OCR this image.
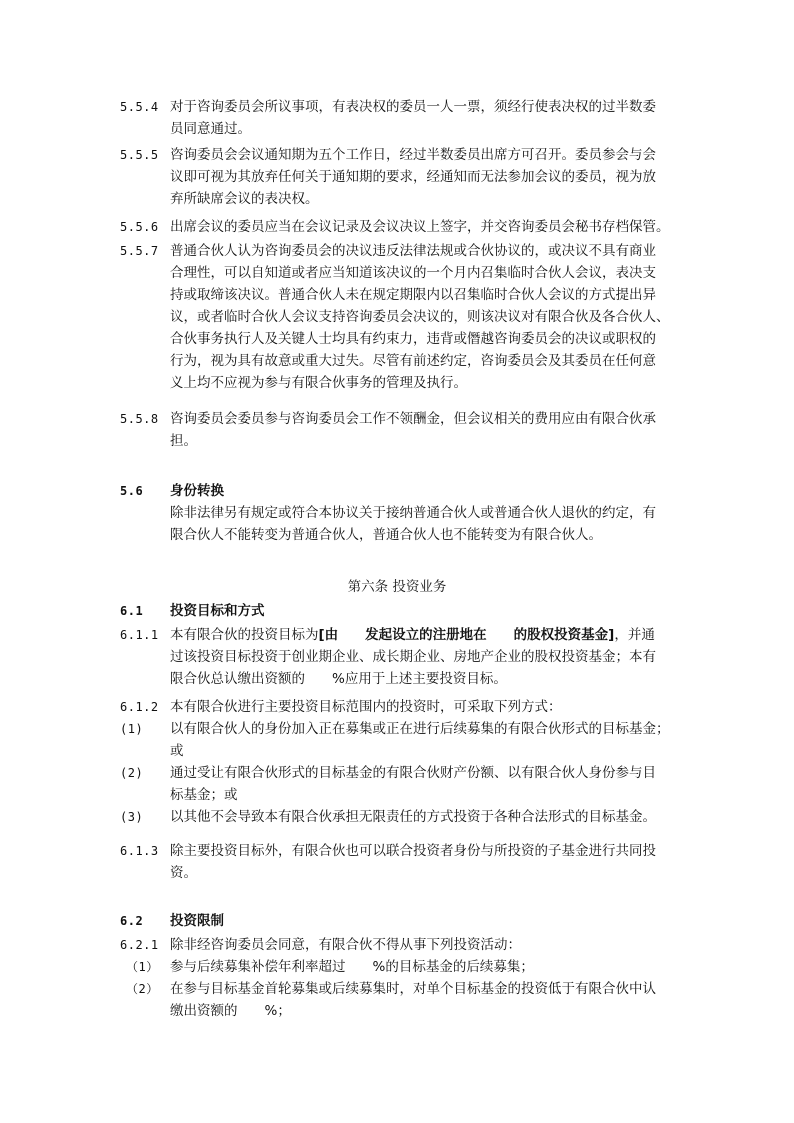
5.5.4 对于咨询委员会所议事项，有表决权的委员一人一票，须经行使表决权的过半数委
员同意通过。
5.5.5 咨询委员会会议通知期为五个工作日，经过半数委员出席方可召开。委员参会与会
议即可视为其放弃任何关于通知期的要求，经通知而无法参加会议的委员，视为放
弃所缺席会议的表决权。
5.5.6 出席会议的委员应当在会议记录及会议决议上签字，并交咨询委员会秘书存档保管。
5.5.7 普通合伙人认为咨询委员会的决议违反法律法规或合伙协议的，或决议不具有商业
合理性，可以自知道或者应当知道该决议的一个月内召集临时合伙人会议，表决支
持或取缔该决议。普通合伙人未在规定期限内以召集临时合伙人会议的方式提出异
议，或者临时合伙人会议支持咨询委员会决议的，则该决议对有限合伙及各合伙人、
合伙事务执行人及关键人士均具有约束力，违背或僭越咨询委员会的决议或职权的
行为，视为具有故意或重大过失。尽管有前述约定，咨询委员会及其委员在任何意
义上均不应视为参与有限合伙事务的管理及执行。
5.5.8 咨询委员会委员参与咨询委员会工作不领酬金，但会议相关的费用应由有限合伙承
担。
5.6 身份转换
除非法律另有规定或符合本协议关于接纳普通合伙人或普通合伙人退伙的约定，有
限合伙人不能转变为普通合伙人，普通合伙人也不能转变为有限合伙人。
第六条 投资业务
6.1 投资目标和方式
6.1.1 本有限合伙的投资目标为[由　　发起设立的注册地在　　的股权投资基金]，并通
过该投资目标投资于创业期企业、成长期企业、房地产企业的股权投资基金；本有
限合伙总认缴出资额的　　%应用于上述主要投资目标。
6.1.2 本有限合伙进行主要投资目标范围内的投资时，可采取下列方式：
(1) 以有限合伙人的身份加入正在募集或正在进行后续募集的有限合伙形式的目标基金；
或
(2) 通过受让有限合伙形式的目标基金的有限合伙财产份额、以有限合伙人身份参与目
标基金；或
(3) 以其他不会导致本有限合伙承担无限责任的方式投资于各种合法形式的目标基金。
6.1.3 除主要投资目标外，有限合伙也可以联合投资者身份与所投资的子基金进行共同投
资。
6.2 投资限制
6.2.1 除非经咨询委员会同意，有限合伙不得从事下列投资活动：
（1） 参与后续募集补偿年利率超过　　%的目标基金的后续募集；
（2） 在参与目标基金首轮募集或后续募集时，对单个目标基金的投资低于有限合伙中认
缴出资额的　　%；
